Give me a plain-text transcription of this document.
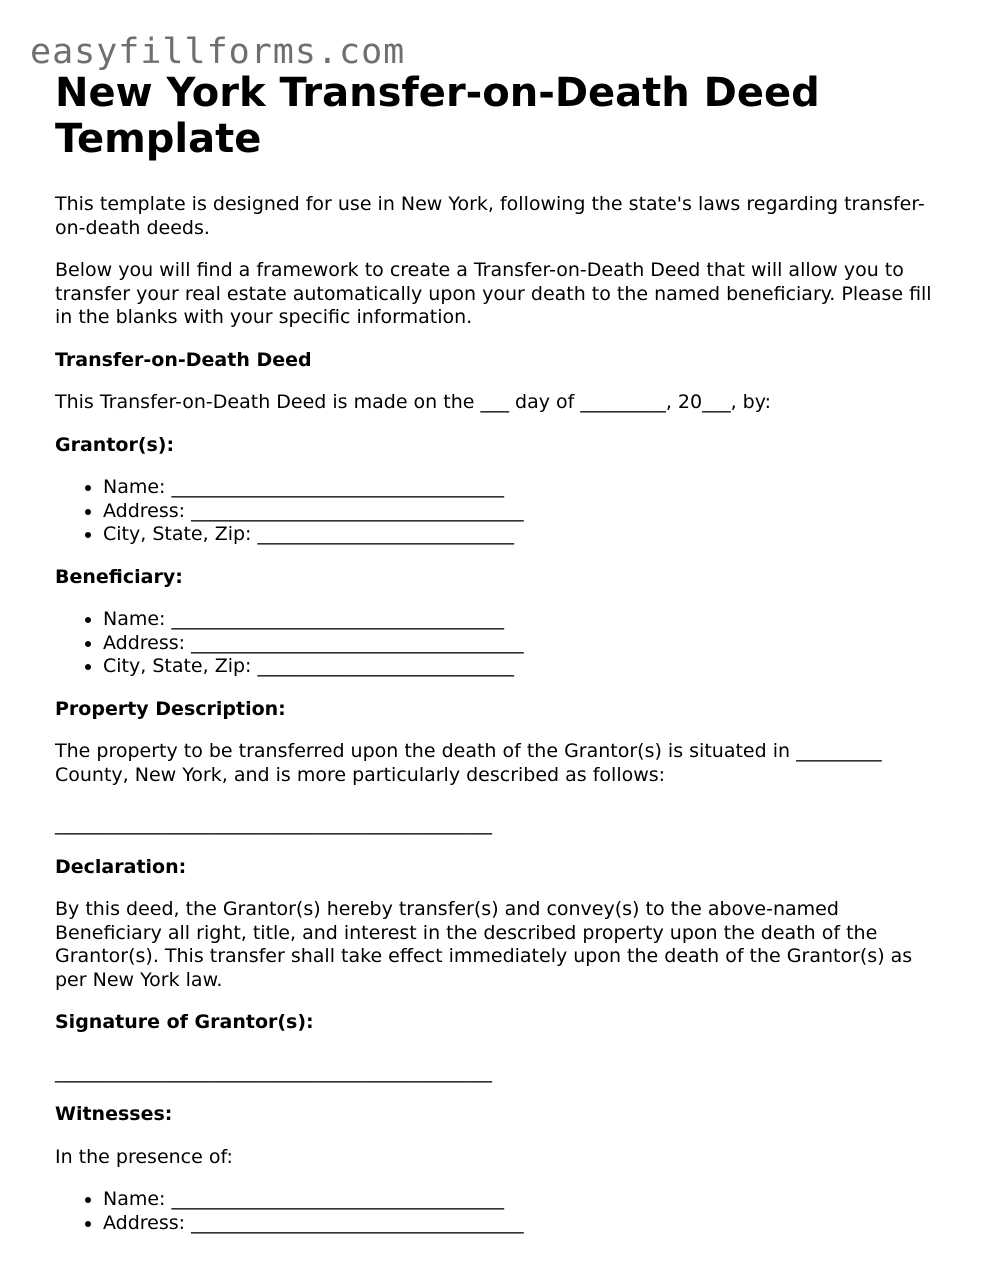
easyfillforms.com
New York Transfer-on-Death Deed Template

This template is designed for use in New York, following the state's laws regarding transfer-on-death deeds.

Below you will find a framework to create a Transfer-on-Death Deed that will allow you to transfer your real estate automatically upon your death to the named beneficiary. Please fill in the blanks with your specific information.

Transfer-on-Death Deed

This Transfer-on-Death Deed is made on the ___ day of _________, 20___, by:

Grantor(s):
• Name: ___________________________________
• Address: ___________________________________
• City, State, Zip: ___________________________
Beneficiary:
• Name: ___________________________________
• Address: ___________________________________
• City, State, Zip: ___________________________
Property Description:

The property to be transferred upon the death of the Grantor(s) is situated in _________ County, New York, and is more particularly described as follows:

______________________________________________

Declaration:

By this deed, the Grantor(s) hereby transfer(s) and convey(s) to the above-named Beneficiary all right, title, and interest in the described property upon the death of the Grantor(s). This transfer shall take effect immediately upon the death of the Grantor(s) as per New York law.

Signature of Grantor(s):

______________________________________________

Witnesses:

In the presence of:

• Name: ___________________________________
• Address: ___________________________________
